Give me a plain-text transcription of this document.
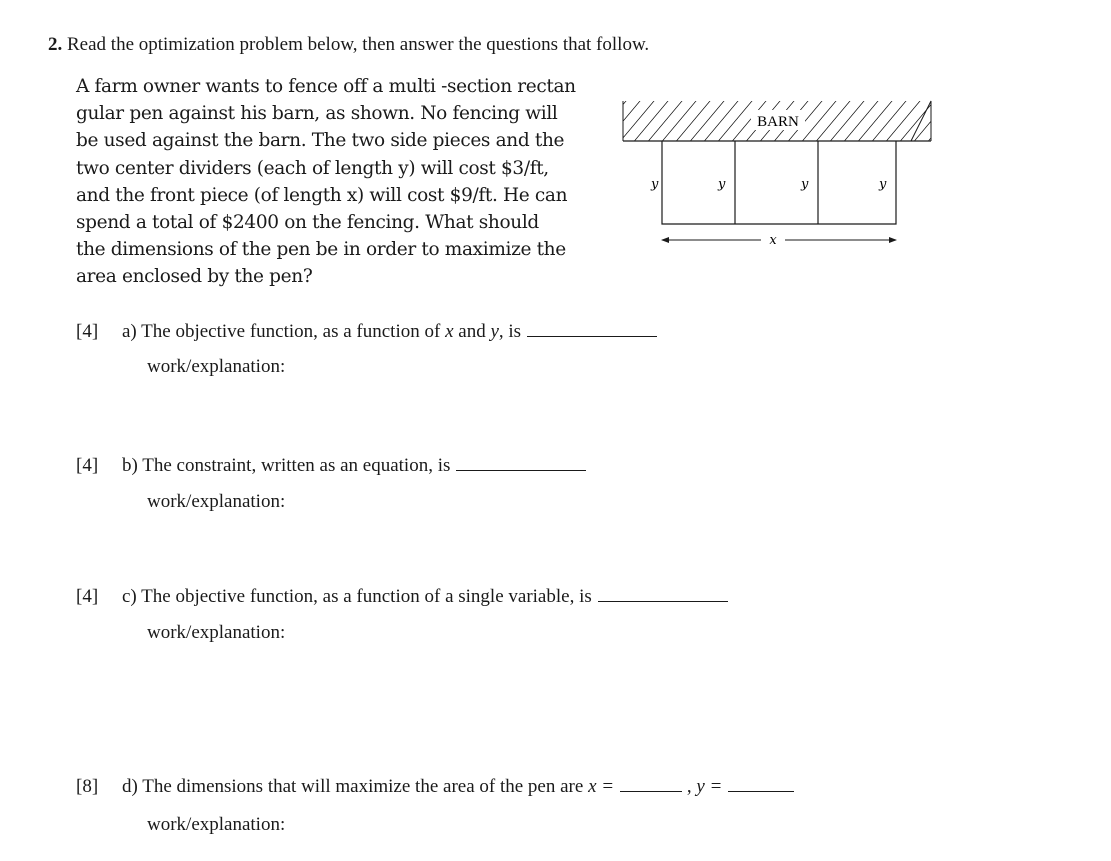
2. Read the optimization problem below, then answer the questions that follow.
A farm owner wants to fence off a multi -section rectan
gular pen against his barn, as shown. No fencing will
be used against the barn. The two side pieces and the
two center dividers (each of length y) will cost $3/ft,
and the front piece (of length x) will cost $9/ft. He can
spend a total of $2400 on the fencing. What should
the dimensions of the pen be in order to maximize the
area enclosed by the pen?
BARN
y	y	y	y
x
[4] a) The objective function, as a function of x and y, is
work/explanation:
[4] b) The constraint, written as an equation, is
work/explanation:
[4] c) The objective function, as a function of a single variable, is
work/explanation:
[8] d) The dimensions that will maximize the area of the pen are x =	, y =
work/explanation:
